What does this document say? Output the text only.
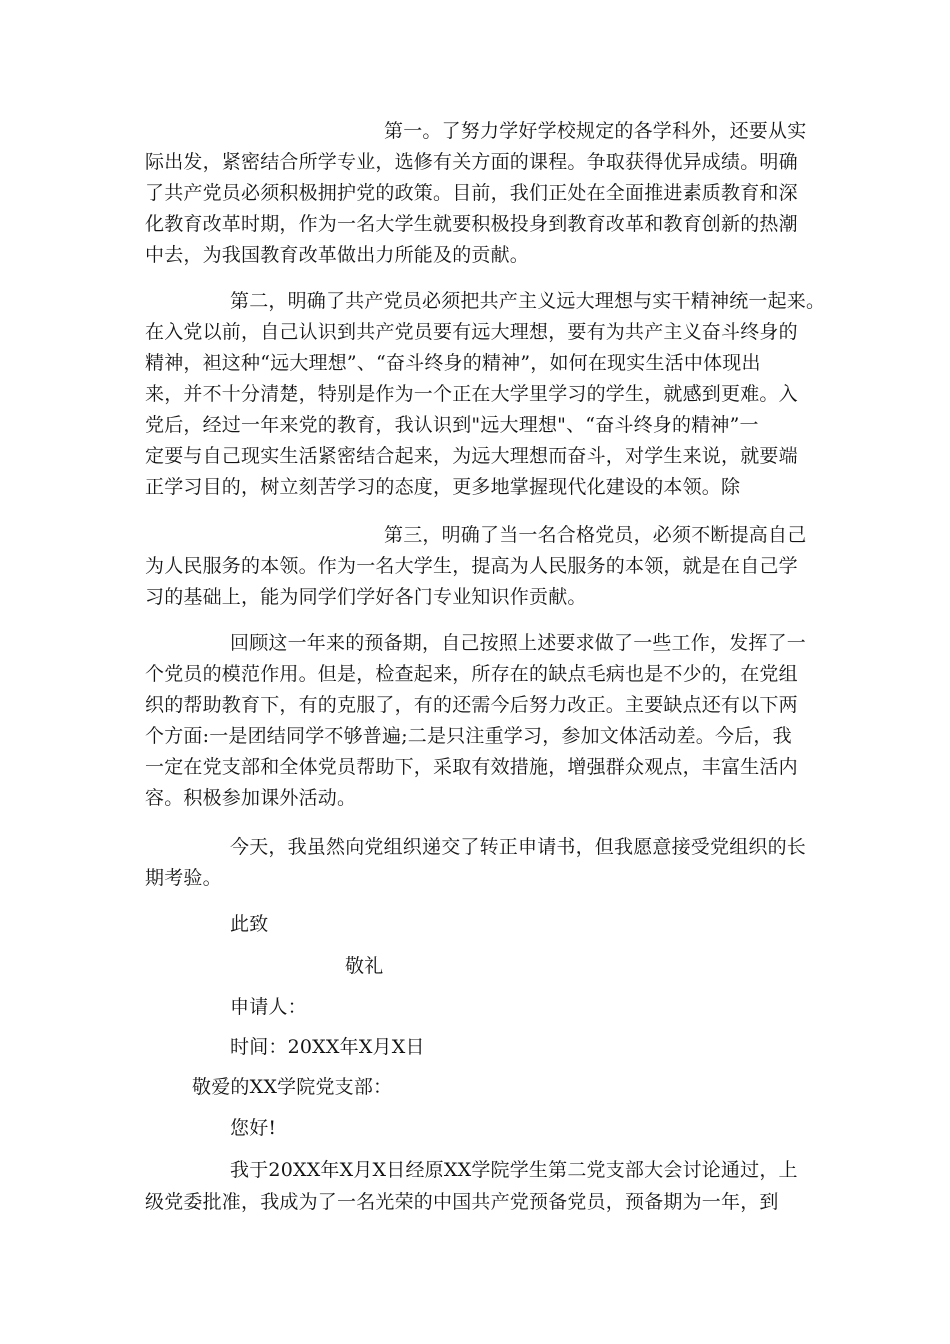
第一。了努力学好学校规定的各学科外，还要从实
际出发，紧密结合所学专业，选修有关方面的课程。争取获得优异成绩。明确
了共产党员必须积极拥护党的政策。目前，我们正处在全面推进素质教育和深
化教育改革时期，作为一名大学生就要积极投身到教育改革和教育创新的热潮
中去，为我国教育改革做出力所能及的贡献。
第二，明确了共产党员必须把共产主义远大理想与实干精神统一起来。
在入党以前，自己认识到共产党员要有远大理想，要有为共产主义奋斗终身的
精神，袒这种“远大理想”、“奋斗终身的精神”，如何在现实生活中体现出
来，并不十分清楚，特别是作为一个正在大学里学习的学生，就感到更难。入
党后，经过一年来党的教育，我认识到"远大理想"、“奋斗终身的精神”一
定要与自己现实生活紧密结合起来，为远大理想而奋斗，对学生来说，就要端
正学习目的，树立刻苦学习的态度，更多地掌握现代化建设的本领。除
第三，明确了当一名合格党员，必须不断提高自己
为人民服务的本领。作为一名大学生，提高为人民服务的本领，就是在自己学
习的基础上，能为同学们学好各门专业知识作贡献。
回顾这一年来的预备期，自己按照上述要求做了一些工作，发挥了一
个党员的模范作用。但是，检查起来，所存在的缺点毛病也是不少的，在党组
织的帮助教育下，有的克服了，有的还需今后努力改正。主要缺点还有以下两
个方面:一是团结同学不够普遍;二是只注重学习，参加文体活动差。今后，我
一定在党支部和全体党员帮助下，采取有效措施，增强群众观点，丰富生活内
容。积极参加课外活动。
今天，我虽然向党组织递交了转正申请书，但我愿意接受党组织的长
期考验。
此致
敬礼
申请人：
时间：20XX年X月X日
敬爱的XX学院党支部：
您好!
我于20XX年X月X日经原XX学院学生第二党支部大会讨论通过，上
级党委批准，我成为了一名光荣的中国共产党预备党员，预备期为一年，到
